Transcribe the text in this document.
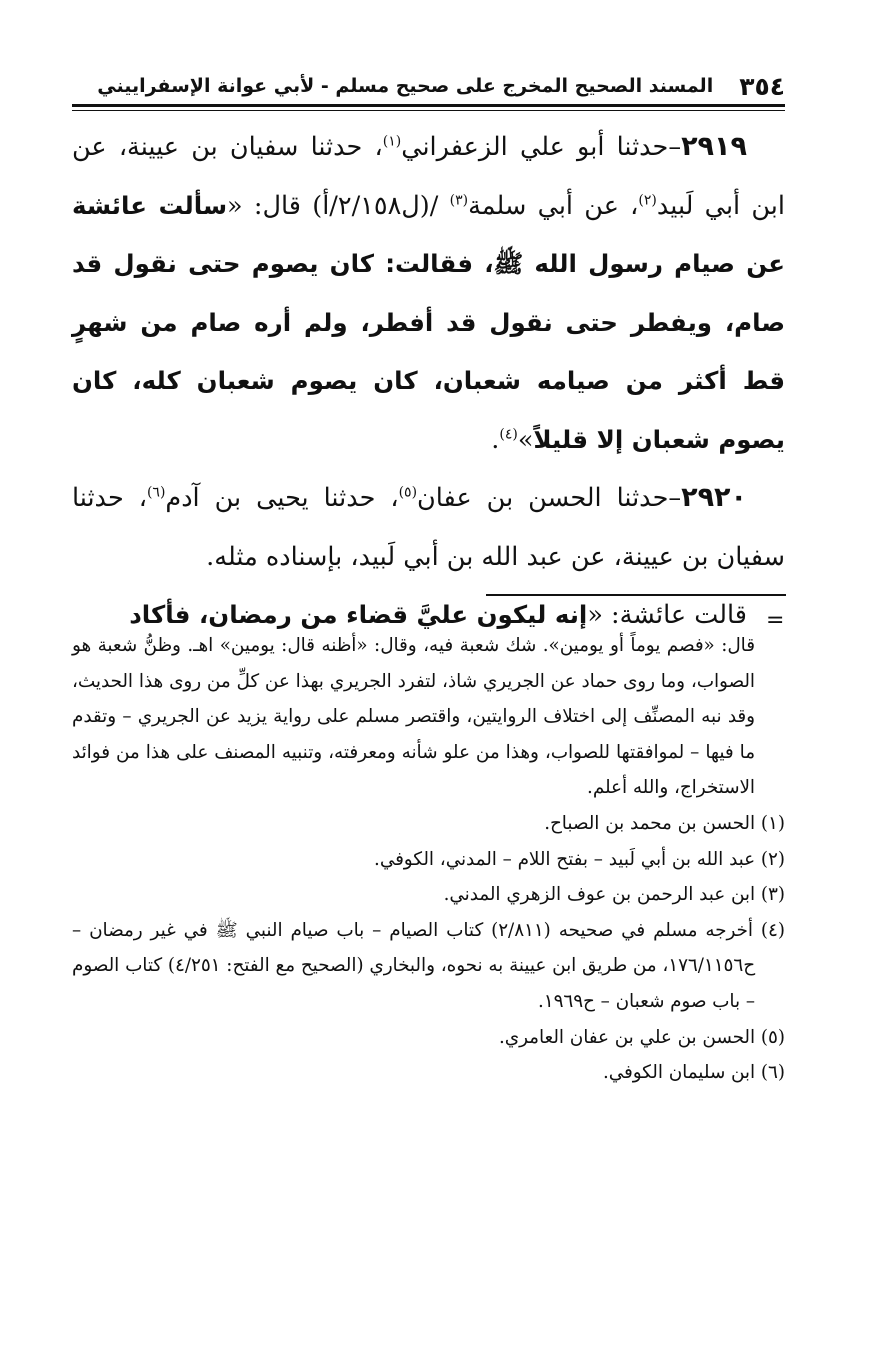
٣٥٤
المسند الصحيح المخرج على صحيح مسلم - لأبي عوانة الإسفراييني

٢٩١٩–حدثنا أبو علي الزعفراني$^{(١)}$، حدثنا سفيان بن عيينة، عن ابن أبي لَبيد$^{(٢)}$، عن أبي سلمة$^{(٣)}$ /(ل٢/١٥٨/أ) قال: «سألت عائشة عن صيام رسول الله ﷺ، فقالت: كان يصوم حتى نقول قد صام، ويفطر حتى نقول قد أفطر، ولم أره صام من شهرٍ قط أكثر من صيامه شعبان، كان يصوم شعبان كله، كان يصوم شعبان إلا قليلاً»$^{(٤)}$.

٢٩٢٠–حدثنا الحسن بن عفان$^{(٥)}$، حدثنا يحيى بن آدم$^{(٦)}$، حدثنا سفيان بن عيينة، عن عبد الله بن أبي لَبيد، بإسناده مثله.

قالت عائشة: «إنه ليكون عليَّ قضاء من رمضان، فأكاد	=

قال: «فصم يوماً أو يومين». شك شعبة فيه، وقال: «أظنه قال: يومين» اهـ. وظنُّ شعبة هو الصواب، وما روى حماد عن الجريري شاذ، لتفرد الجريري بهذا عن كلِّ من روى هذا الحديث، وقد نبه المصنِّف إلى اختلاف الروايتين، واقتصر مسلم على رواية يزيد عن الجريري – وتقدم ما فيها – لموافقتها للصواب، وهذا من علو شأنه ومعرفته، وتنبيه المصنف على هذا من فوائد الاستخراج، والله أعلم.

(١) الحسن بن محمد بن الصباح.

(٢) عبد الله بن أبي لَبيد – بفتح اللام – المدني، الكوفي.

(٣) ابن عبد الرحمن بن عوف الزهري المدني.

(٤) أخرجه مسلم في صحيحه (٢/٨١١) كتاب الصيام – باب صيام النبي ﷺ في غير رمضان – ح١٧٦/١١٥٦، من طريق ابن عيينة به نحوه، والبخاري (الصحيح مع الفتح: ٤/٢٥١) كتاب الصوم – باب صوم شعبان – ح١٩٦٩.

(٥) الحسن بن علي بن عفان العامري.

(٦) ابن سليمان الكوفي.
